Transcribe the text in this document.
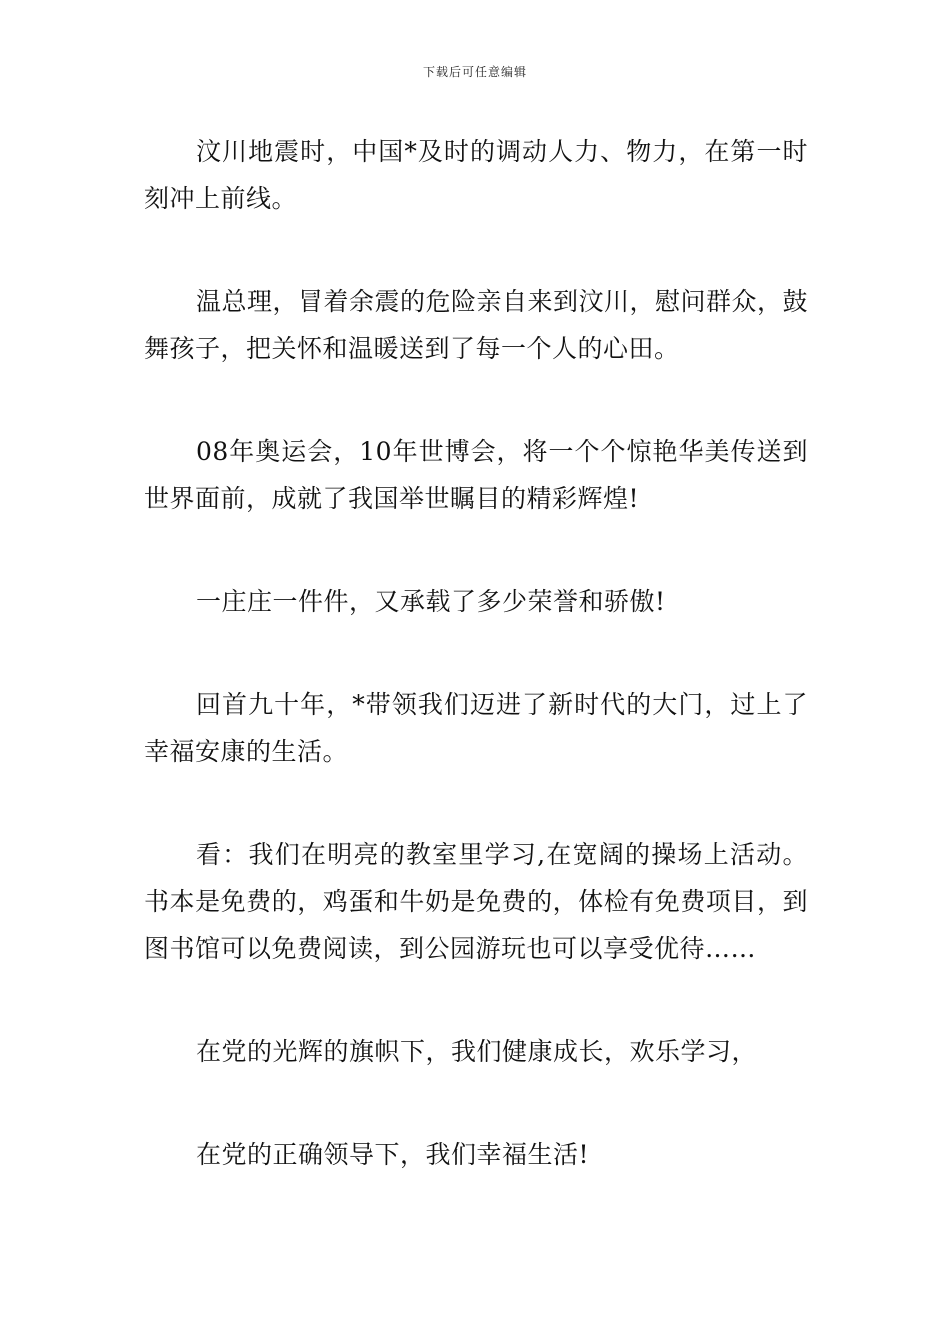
下载后可任意编辑

汶川地震时，中国*及时的调动人力、物力，在第一时刻冲上前线。

温总理，冒着余震的危险亲自来到汶川，慰问群众，鼓舞孩子，把关怀和温暖送到了每一个人的心田。

08年奥运会，10年世博会，将一个个惊艳华美传送到世界面前，成就了我国举世瞩目的精彩辉煌!

一庄庄一件件，又承载了多少荣誉和骄傲!

回首九十年，*带领我们迈进了新时代的大门，过上了幸福安康的生活。

看：我们在明亮的教室里学习,在宽阔的操场上活动。书本是免费的，鸡蛋和牛奶是免费的，体检有免费项目，到图书馆可以免费阅读，到公园游玩也可以享受优待……

在党的光辉的旗帜下，我们健康成长，欢乐学习，

在党的正确领导下，我们幸福生活!
